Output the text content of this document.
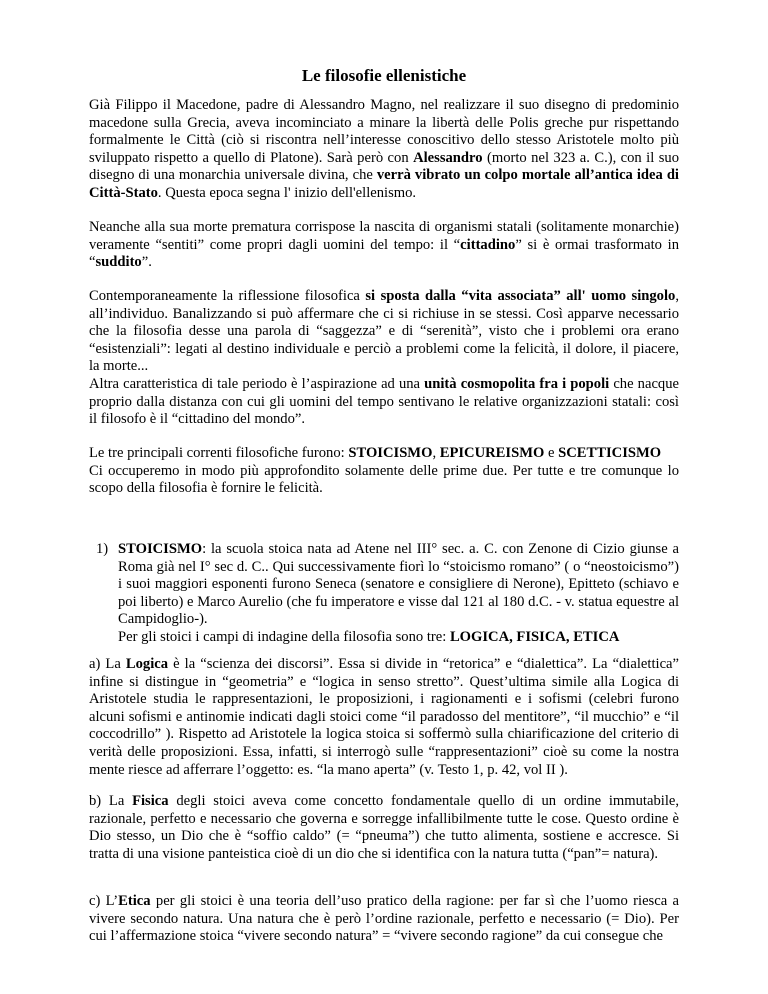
Le filosofie ellenistiche

Già Filippo il Macedone, padre di Alessandro Magno, nel realizzare il suo disegno di predominio macedone sulla Grecia, aveva incominciato a minare la libertà delle Polis greche pur rispettando formalmente le Città (ciò si riscontra nell’interesse conoscitivo dello stesso Aristotele molto più sviluppato rispetto a quello di Platone). Sarà però con Alessandro (morto nel 323 a. C.), con il suo disegno di una monarchia universale divina, che verrà vibrato un colpo mortale all’antica idea di Città-Stato. Questa epoca segna l' inizio dell'ellenismo.

Neanche alla sua morte prematura corrispose la nascita di organismi statali (solitamente monarchie) veramente “sentiti” come propri dagli uomini del tempo: il “cittadino” si è ormai trasformato in “suddito”.

Contemporaneamente la riflessione filosofica si sposta dalla “vita associata” all' uomo singolo, all’individuo. Banalizzando si può affermare che ci si richiuse in se stessi. Così apparve necessario che la filosofia desse una parola di “saggezza” e di “serenità”, visto che i problemi ora erano “esistenziali”: legati al destino individuale e perciò a problemi come la felicità, il dolore, il piacere, la morte...
Altra caratteristica di tale periodo è l’aspirazione ad una unità cosmopolita fra i popoli che nacque proprio dalla distanza con cui gli uomini del tempo sentivano le relative organizzazioni statali: così il filosofo è il “cittadino del mondo”.

Le tre principali correnti filosofiche furono: STOICISMO, EPICUREISMO e SCETTICISMO
Ci occuperemo in modo più approfondito solamente delle prime due. Per tutte e tre comunque lo scopo della filosofia è fornire le felicità.

1) STOICISMO: la scuola stoica nata ad Atene nel III° sec. a. C. con Zenone di Cizio giunse a Roma già nel I° sec d. C.. Qui successivamente fiorì lo “stoicismo romano” ( o “neostoicismo”) i suoi maggiori esponenti furono Seneca (senatore e consigliere di Nerone), Epitteto (schiavo e poi liberto) e Marco Aurelio (che fu imperatore e visse dal 121 al 180 d.C. - v. statua equestre al Campidoglio-).
Per gli stoici i campi di indagine della filosofia sono tre: LOGICA, FISICA, ETICA

a) La Logica è la “scienza dei discorsi”. Essa si divide in “retorica” e “dialettica”. La “dialettica” infine si distingue in “geometria” e “logica in senso stretto”. Quest’ultima simile alla Logica di Aristotele studia le rappresentazioni, le proposizioni, i ragionamenti e i sofismi (celebri furono alcuni sofismi e antinomie indicati dagli stoici come “il paradosso del mentitore”, “il mucchio” e “il coccodrillo” ). Rispetto ad Aristotele la logica stoica si soffermò sulla chiarificazione del criterio di verità delle proposizioni. Essa, infatti, si interrogò sulle “rappresentazioni” cioè su come la nostra mente riesce ad afferrare l’oggetto: es. “la mano aperta” (v. Testo 1, p. 42, vol II ).

b) La Fisica degli stoici aveva come concetto fondamentale quello di un ordine immutabile, razionale, perfetto e necessario che governa e sorregge infallibilmente tutte le cose. Questo ordine è Dio stesso, un Dio che è “soffio caldo” (= “pneuma”) che tutto alimenta, sostiene e accresce. Si tratta di una visione panteistica cioè di un dio che si identifica con la natura tutta (“pan”= natura).

c) L’Etica per gli stoici è una teoria dell’uso pratico della ragione: per far sì che l’uomo riesca a vivere secondo natura. Una natura che è però l’ordine razionale, perfetto e necessario (= Dio). Per cui l’affermazione stoica “vivere secondo natura” = “vivere secondo ragione” da cui consegue che
